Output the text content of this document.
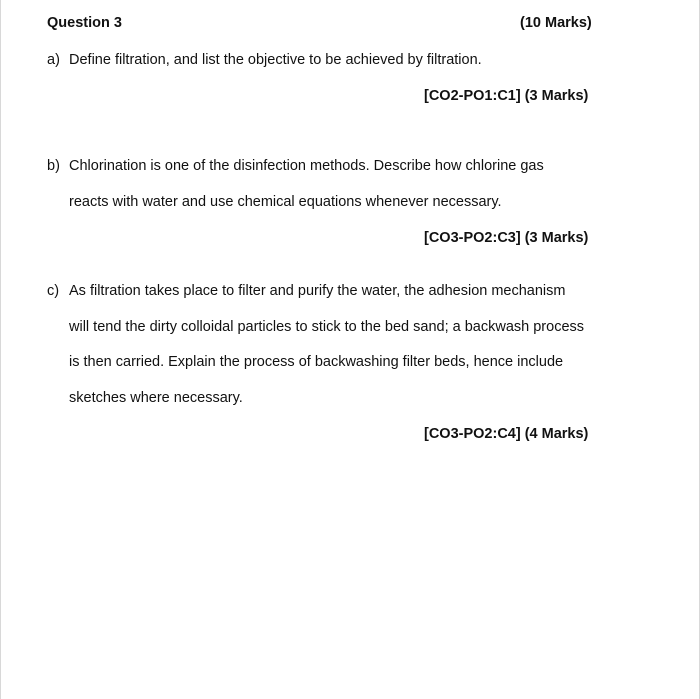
Question 3	(10 Marks)
a) Define filtration, and list the objective to be achieved by filtration.
[CO2-PO1:C1] (3 Marks)
b) Chlorination is one of the disinfection methods. Describe how chlorine gas
reacts with water and use chemical equations whenever necessary.
[CO3-PO2:C3] (3 Marks)
c) As filtration takes place to filter and purify the water, the adhesion mechanism
will tend the dirty colloidal particles to stick to the bed sand; a backwash process
is then carried. Explain the process of backwashing filter beds, hence include
sketches where necessary.
[CO3-PO2:C4] (4 Marks)
